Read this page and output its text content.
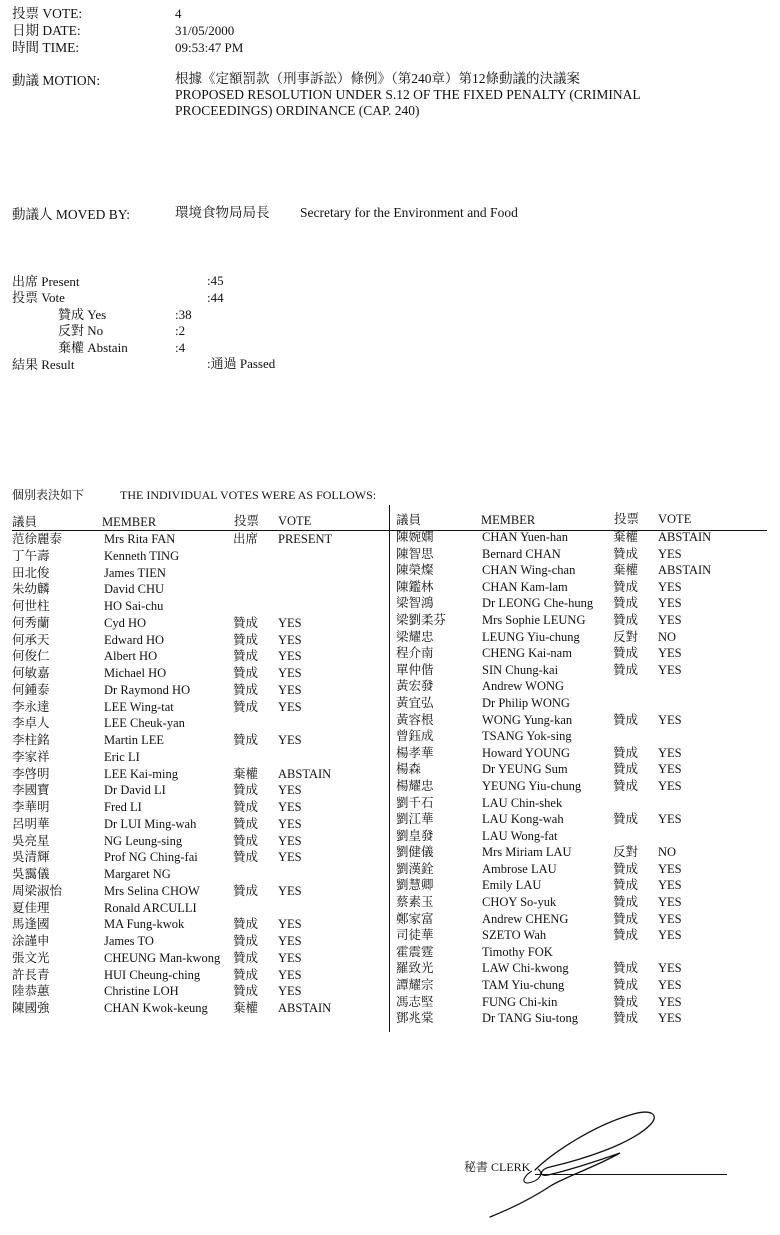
投票 VOTE:	4
日期 DATE:	31/05/2000
時間 TIME:	09:53:47 PM
動議 MOTION:	根據《定額罰款（刑事訴訟）條例》（第240章）第12條動議的決議案
PROPOSED RESOLUTION UNDER S.12 OF THE FIXED PENALTY (CRIMINAL
PROCEEDINGS) ORDINANCE (CAP. 240)
動議人 MOVED BY:	環境食物局局長 Secretary for the Environment and Food
出席 Present	:45
投票 Vote	:44
贊成 Yes	:38
反對 No	:2
棄權 Abstain	:4
結果 Result	:通過 Passed
個別表決如下	THE INDIVIDUAL VOTES WERE AS FOLLOWS:
議員	MEMBER	投票 VOTE	議員	MEMBER	投票 VOTE
范徐麗泰	Mrs Rita FAN	出席 PRESENT
丁午壽	Kenneth TING
田北俊	James TIEN
朱幼麟	David CHU
何世柱	HO Sai-chu
何秀蘭	Cyd HO	贊成 YES
何承天	Edward HO	贊成 YES
何俊仁	Albert HO	贊成 YES
何敏嘉	Michael HO	贊成 YES
何鍾泰	Dr Raymond HO	贊成 YES
李永達	LEE Wing-tat	贊成 YES
李卓人	LEE Cheuk-yan
李柱銘	Martin LEE	贊成 YES
李家祥	Eric LI
李啓明	LEE Kai-ming	棄權 ABSTAIN
李國寶	Dr David LI	贊成 YES
李華明	Fred LI	贊成 YES
呂明華	Dr LUI Ming-wah	贊成 YES
吳亮星	NG Leung-sing	贊成 YES
吳清輝	Prof NG Ching-fai	贊成 YES
吳靄儀	Margaret NG
周梁淑怡	Mrs Selina CHOW	贊成 YES
夏佳理	Ronald ARCULLI
馬逢國	MA Fung-kwok	贊成 YES
涂謹申	James TO	贊成 YES
張文光	CHEUNG Man-kwong 贊成 YES
許長青	HUI Cheung-ching	贊成 YES
陸恭蕙	Christine LOH	贊成 YES
陳國強	CHAN Kwok-keung 棄權 ABSTAIN
陳婉嫻	CHAN Yuen-han	棄權 ABSTAIN
陳智思	Bernard CHAN	贊成 YES
陳榮燦	CHAN Wing-chan	棄權 ABSTAIN
陳鑑林	CHAN Kam-lam	贊成 YES
梁智鴻	Dr LEONG Che-hung 贊成 YES
梁劉柔芬	Mrs Sophie LEUNG 贊成 YES
梁耀忠	LEUNG Yiu-chung	反對 NO
程介南	CHENG Kai-nam	贊成 YES
單仲偕	SIN Chung-kai	贊成 YES
黃宏發	Andrew WONG
黃宜弘	Dr Philip WONG
黃容根	WONG Yung-kan	贊成 YES
曾鈺成	TSANG Yok-sing
楊孝華	Howard YOUNG	贊成 YES
楊森	Dr YEUNG Sum	贊成 YES
楊耀忠	YEUNG Yiu-chung	贊成 YES
劉千石	LAU Chin-shek
劉江華	LAU Kong-wah	贊成 YES
劉皇發	LAU Wong-fat
劉健儀	Mrs Miriam LAU	反對 NO
劉漢銓	Ambrose LAU	贊成 YES
劉慧卿	Emily LAU	贊成 YES
蔡素玉	CHOY So-yuk	贊成 YES
鄭家富	Andrew CHENG	贊成 YES
司徒華	SZETO Wah	贊成 YES
霍震霆	Timothy FOK
羅致光	LAW Chi-kwong	贊成 YES
譚耀宗	TAM Yiu-chung	贊成 YES
馮志堅	FUNG Chi-kin	贊成 YES
鄧兆棠	Dr TANG Siu-tong	贊成 YES
秘書 CLERK
